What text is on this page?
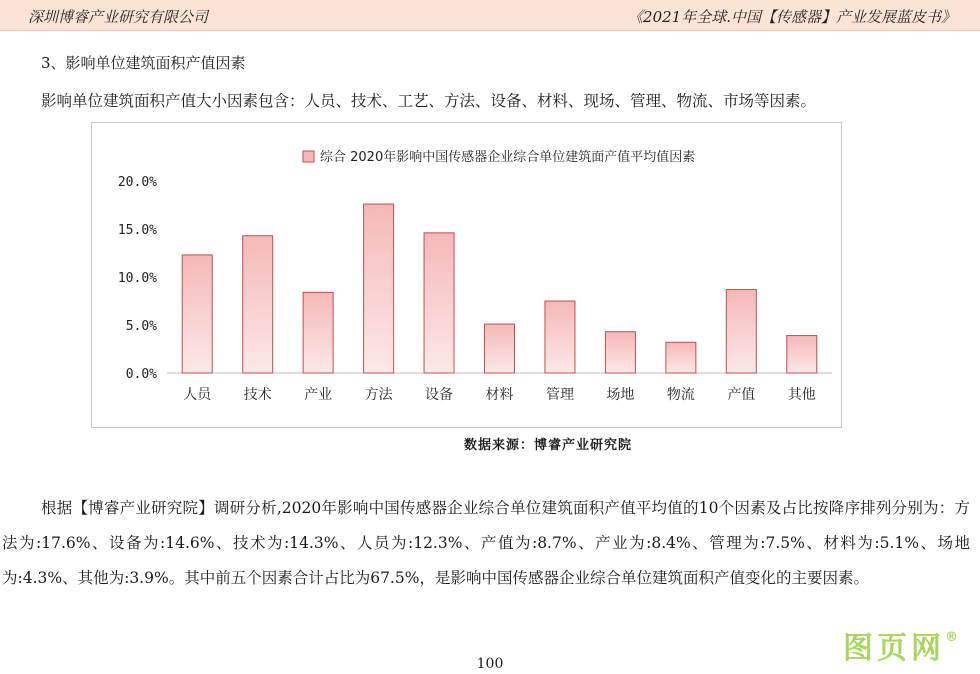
深圳博睿产业研究有限公司	《2021年全球.中国【传感器】产业发展蓝皮书》
3、影响单位建筑面积产值因素
影响单位建筑面积产值大小因素包含：人员、技术、工艺、方法、设备、材料、现场、管理、物流、市场等因素。
0.0%
5.0%
10.0%
15.0%
20.0%
人员 技术 产业 方法 设备 材料 管理 场地 物流 产值 其他
综合 2020年影响中国传感器企业综合单位建筑面产值平均值因素
数据来源：博睿产业研究院
根据【博睿产业研究院】调研分析,2020年影响中国传感器企业综合单位建筑面积产值平均值的10个因素及占比按降序排列分别为：方法为:17.6%、设备为:14.6%、技术为:14.3%、人员为:12.3%、产值为:8.7%、产业为:8.4%、管理为:7.5%、材料为:5.1%、场地为:4.3%、其他为:3.9%。其中前五个因素合计占比为67.5%，是影响中国传感器企业综合单位建筑面积产值变化的主要因素。
100	图页网®
